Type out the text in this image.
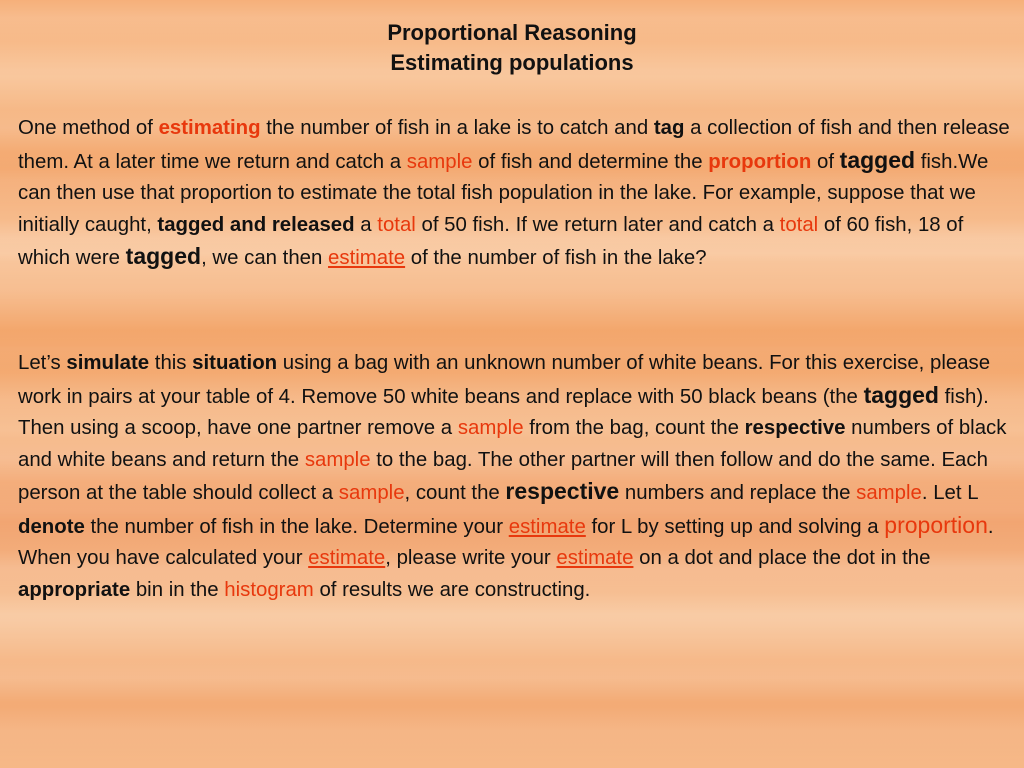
Proportional Reasoning
Estimating populations

One method of estimating the number of fish in a lake is to catch and tag a collection of fish and then release them. At a later time we return and catch a sample of fish and determine the proportion of tagged fish.We can then use that proportion to estimate the total fish population in the lake. For example, suppose that we initially caught, tagged and released a total of 50 fish. If we return later and catch a total of 60 fish, 18 of which were tagged, we can then estimate of the number of fish in the lake?

Let’s simulate this situation using a bag with an unknown number of white beans. For this exercise, please work in pairs at your table of 4. Remove 50 white beans and replace with 50 black beans (the tagged fish). Then using a scoop, have one partner remove a sample from the bag, count the respective numbers of black and white beans and return the sample to the bag. The other partner will then follow and do the same. Each person at the table should collect a sample, count the respective numbers and replace the sample. Let L denote the number of fish in the lake. Determine your estimate for L by setting up and solving a proportion. When you have calculated your estimate, please write your estimate on a dot and place the dot in the appropriate bin in the histogram of results we are constructing.
